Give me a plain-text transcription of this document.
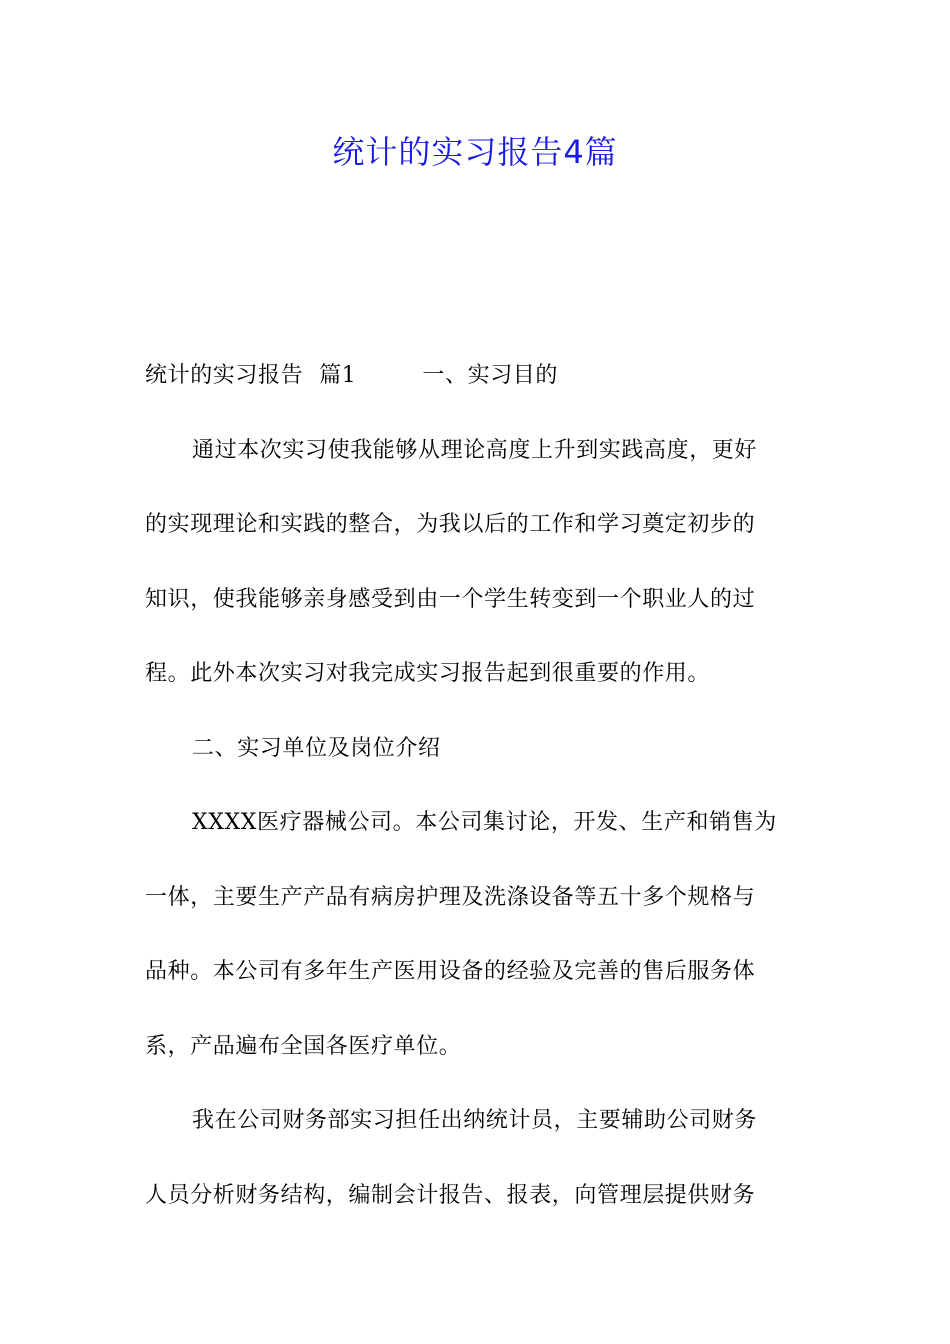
统计的实习报告4篇

统计的实习报告 篇1	一、实习目的

通过本次实习使我能够从理论高度上升到实践高度，更好

的实现理论和实践的整合，为我以后的工作和学习奠定初步的

知识，使我能够亲身感受到由一个学生转变到一个职业人的过

程。此外本次实习对我完成实习报告起到很重要的作用。

二、实习单位及岗位介绍

XXXX医疗器械公司。本公司集讨论，开发、生产和销售为

一体，主要生产产品有病房护理及洗涤设备等五十多个规格与

品种。本公司有多年生产医用设备的经验及完善的售后服务体

系，产品遍布全国各医疗单位。

我在公司财务部实习担任出纳统计员，主要辅助公司财务

人员分析财务结构，编制会计报告、报表，向管理层提供财务
